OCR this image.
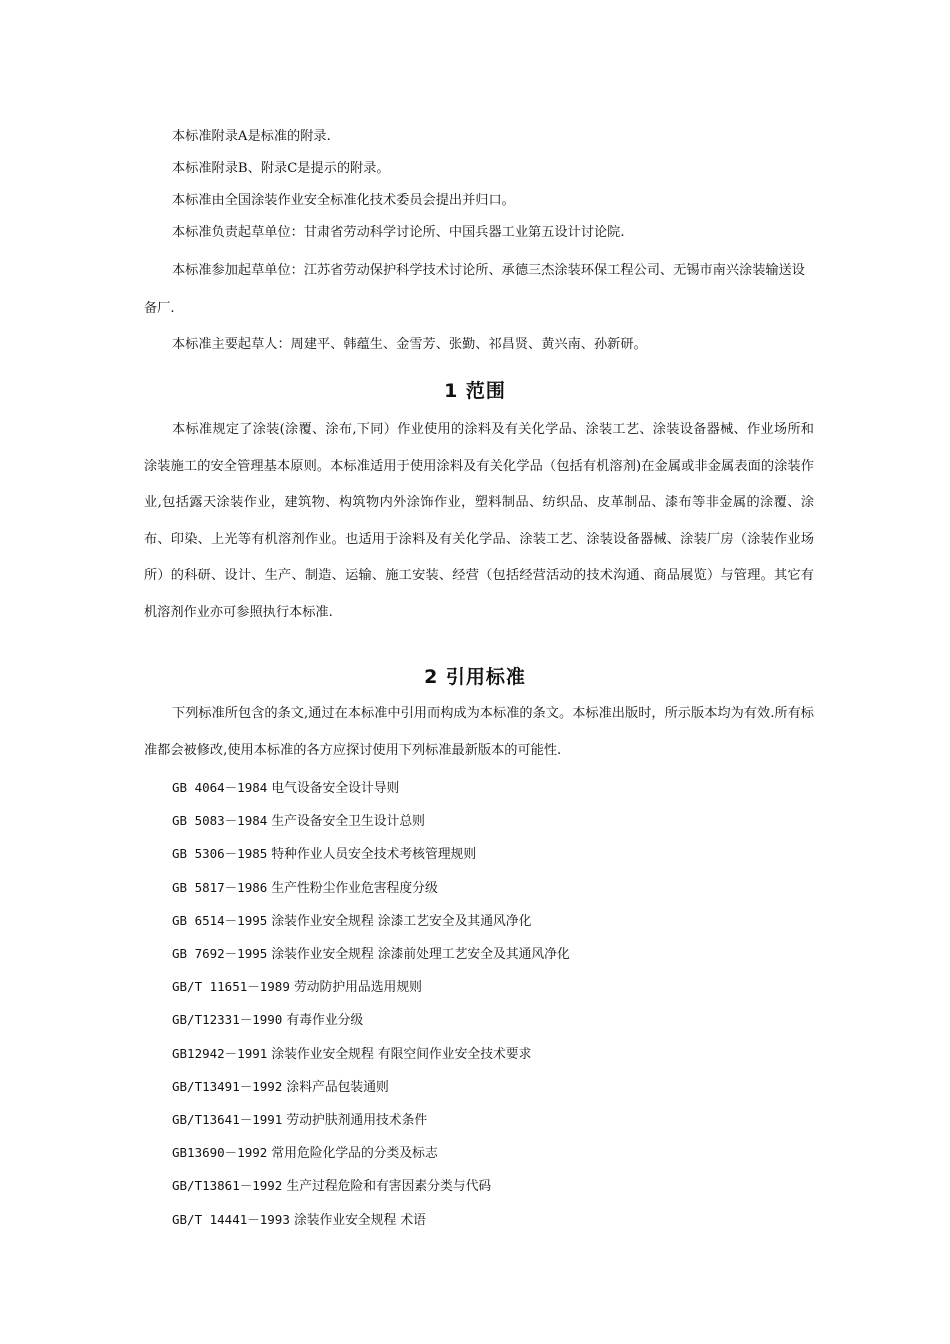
本标准附录A是标准的附录.

本标准附录B、附录C是提示的附录。

本标准由全国涂装作业安全标准化技术委员会提出并归口。

本标准负责起草单位：甘肃省劳动科学讨论所、中国兵器工业第五设计讨论院.

本标准参加起草单位：江苏省劳动保护科学技术讨论所、承德三杰涂装环保工程公司、无锡市南兴涂装输送设备厂.

本标准主要起草人：周建平、韩蕴生、金雪芳、张勤、祁昌贤、黄兴南、孙新研。

1 范围

本标准规定了涂装(涂覆、涂布,下同）作业使用的涂料及有关化学品、涂装工艺、涂装设备器械、作业场所和涂装施工的安全管理基本原则。本标准适用于使用涂料及有关化学品（包括有机溶剂)在金属或非金属表面的涂装作业,包括露天涂装作业，建筑物、构筑物内外涂饰作业，塑料制品、纺织品、皮革制品、漆布等非金属的涂覆、涂布、印染、上光等有机溶剂作业。也适用于涂料及有关化学品、涂装工艺、涂装设备器械、涂装厂房（涂装作业场所）的科研、设计、生产、制造、运输、施工安装、经营（包括经营活动的技术沟通、商品展览）与管理。其它有机溶剂作业亦可参照执行本标准.

2 引用标准

下列标准所包含的条文,通过在本标准中引用而构成为本标准的条文。本标准出版时，所示版本均为有效.所有标准都会被修改,使用本标准的各方应探讨使用下列标准最新版本的可能性.

GB 4064－1984 电气设备安全设计导则

GB 5083－1984 生产设备安全卫生设计总则

GB 5306－1985 特种作业人员安全技术考核管理规则

GB 5817－1986 生产性粉尘作业危害程度分级

GB 6514－1995 涂装作业安全规程 涂漆工艺安全及其通风净化

GB 7692－1995 涂装作业安全规程 涂漆前处理工艺安全及其通风净化

GB/T 11651－1989 劳动防护用品选用规则

GB/T12331－1990 有毒作业分级

GB12942－1991 涂装作业安全规程 有限空间作业安全技术要求

GB/T13491－1992 涂料产品包装通则

GB/T13641－1991 劳动护肤剂通用技术条件

GB13690－1992 常用危险化学品的分类及标志

GB/T13861－1992 生产过程危险和有害因素分类与代码

GB/T 14441－1993 涂装作业安全规程 术语
